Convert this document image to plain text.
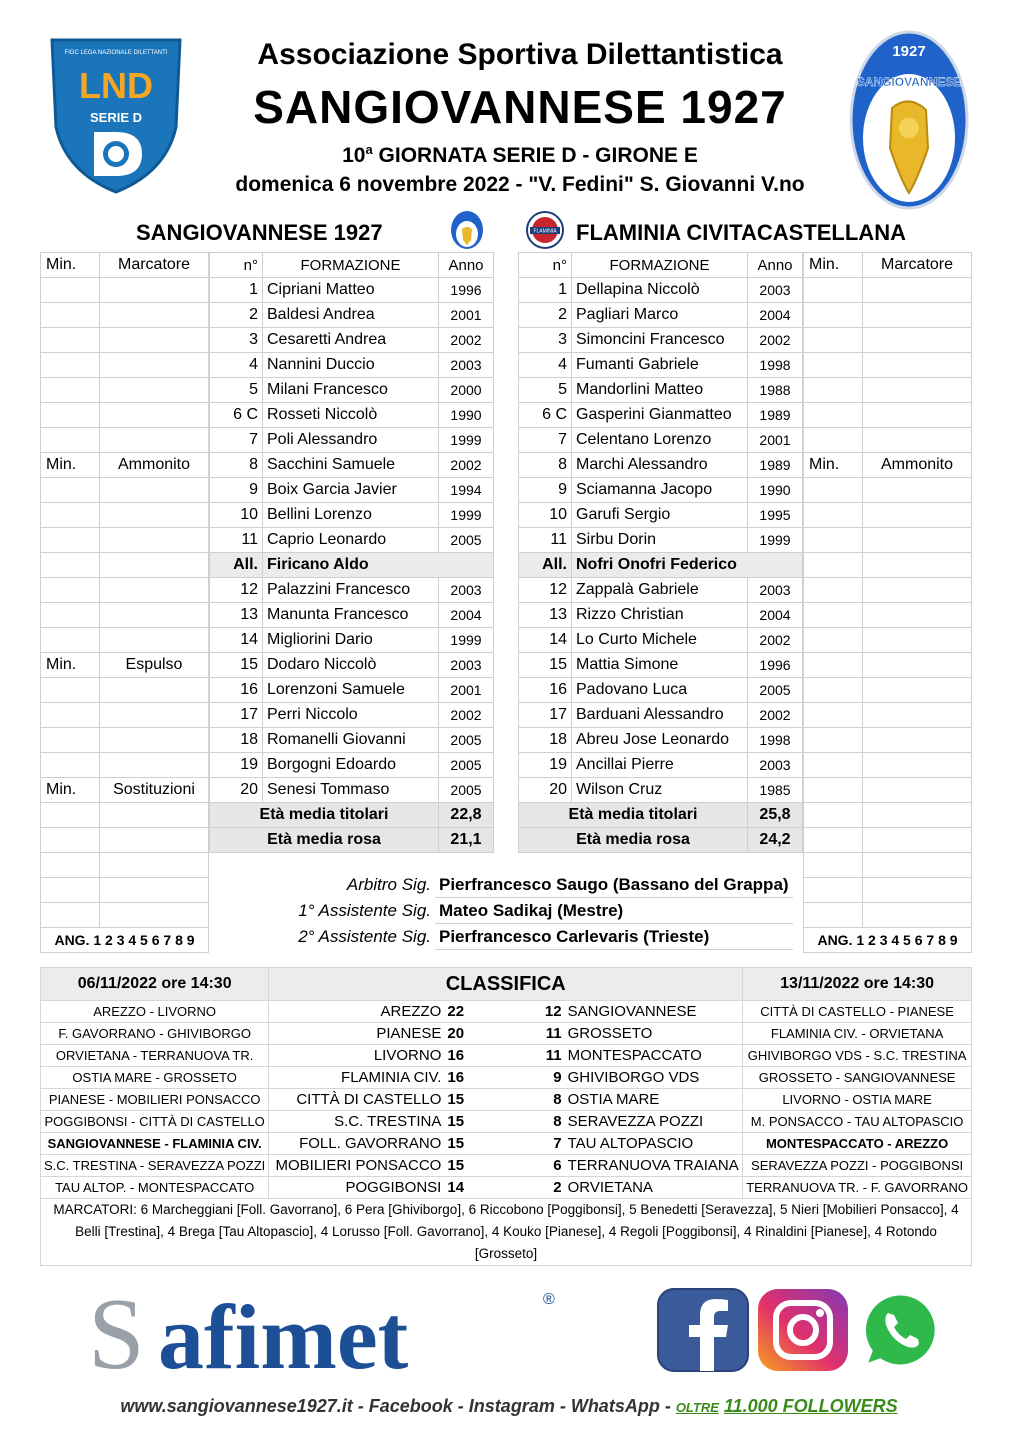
FIGC LEGA NAZIONALE DILETTANTI
LND
SERIE D
1927
SANGIOVANNESE
Associazione Sportiva Dilettantistica
SANGIOVANNESE 1927
10$^a$ GIORNATA SERIE D - GIRONE E
domenica 6 novembre 2022 - "V. Fedini" S. Giovanni V.no
SANGIOVANNESE 1927	FLAMINIA FLAMINIA CIVITACASTELLANA
Min.	Marcatore

Min.	Ammonito

Min.	Espulso

Min.	Sostituzioni

ANG. 1 2 3 4 5 6 7 8 9	
n°	FORMAZIONE	Anno
1	Cipriani Matteo	1996
2	Baldesi Andrea	2001
3	Cesaretti Andrea	2002
4	Nannini Duccio	2003
5	Milani Francesco	2000
6 C	Rosseti Niccolò	1990
7	Poli Alessandro	1999
8	Sacchini Samuele	2002
9	Boix Garcia Javier	1994
10	Bellini Lorenzo	1999
11	Caprio Leonardo	2005
All.	Firicano Aldo	
12	Palazzini Francesco	2003
13	Manunta Francesco	2004
14	Migliorini Dario	1999
15	Dodaro Niccolò	2003
16	Lorenzoni Samuele	2001
17	Perri Niccolo	2002
18	Romanelli Giovanni	2005
19	Borgogni Edoardo	2005
20	Senesi Tommaso	2005
Età media titolari		22,8
Età media rosa		21,1
n°	FORMAZIONE	Anno
1	Dellapina Niccolò	2003
2	Pagliari Marco	2004
3	Simoncini Francesco	2002
4	Fumanti Gabriele	1998
5	Mandorlini Matteo	1988
6 C	Gasperini Gianmatteo	1989
7	Celentano Lorenzo	2001
8	Marchi Alessandro	1989
9	Sciamanna Jacopo	1990
10	Garufi Sergio	1995
11	Sirbu Dorin	1999
All.	Nofri Onofri Federico	
12	Zappalà Gabriele	2003
13	Rizzo Christian	2004
14	Lo Curto Michele	2002
15	Mattia Simone	1996
16	Padovano Luca	2005
17	Barduani Alessandro	2002
18	Abreu Jose Leonardo	1998
19	Ancillai Pierre	2003
20	Wilson Cruz	1985
Età media titolari		25,8
Età media rosa		24,2
Min.	Marcatore

Min.	Ammonito

ANG. 1 2 3 4 5 6 7 8 9	
Arbitro Sig.	Pierfrancesco Saugo (Bassano del Grappa)
1° Assistente Sig.	Mateo Sadikaj (Mestre)
2° Assistente Sig.	Pierfrancesco Carlevaris (Trieste)
06/11/2022 ore 14:30	CLASSIFICA				13/11/2022 ore 14:30
AREZZO - LIVORNO	AREZZO	22	12	SANGIOVANNESE	CITTÀ DI CASTELLO - PIANESE
F. GAVORRANO - GHIVIBORGO	PIANESE	20	11	GROSSETO	FLAMINIA CIV. - ORVIETANA
ORVIETANA - TERRANUOVA TR.	LIVORNO	16	11	MONTESPACCATO	GHIVIBORGO VDS - S.C. TRESTINA
OSTIA MARE - GROSSETO	FLAMINIA CIV.	16	9	GHIVIBORGO VDS	GROSSETO - SANGIOVANNESE
PIANESE - MOBILIERI PONSACCO	CITTÀ DI CASTELLO	15	8	OSTIA MARE	LIVORNO - OSTIA MARE
POGGIBONSI - CITTÀ DI CASTELLO	S.C. TRESTINA	15	8	SERAVEZZA POZZI	M. PONSACCO - TAU ALTOPASCIO
SANGIOVANNESE - FLAMINIA CIV.	FOLL. GAVORRANO	15	7	TAU ALTOPASCIO	MONTESPACCATO - AREZZO
S.C. TRESTINA - SERAVEZZA POZZI	MOBILIERI PONSACCO	15	6	TERRANUOVA TRAIANA	SERAVEZZA POZZI - POGGIBONSI
TAU ALTOP. - MONTESPACCATO	POGGIBONSI	14	2	ORVIETANA	TERRANUOVA TR. - F. GAVORRANO
MARCATORI: 6 Marcheggiani [Foll. Gavorrano], 6 Pera [Ghiviborgo], 6 Riccobono [Poggibonsi], 5 Benedetti [Seravezza], 5 Nieri [Mobilieri Ponsacco], 4 Belli [Trestina], 4 Brega [Tau Altopascio], 4 Lorusso [Foll. Gavorrano], 4 Kouko [Pianese], 4 Regoli [Poggibonsi], 4 Rinaldini [Pianese], 4 Rotondo [Grosseto]					
S afimet	®
www.sangiovannese1927.it - Facebook - Instagram - WhatsApp - OLTRE 11.000 FOLLOWERS
